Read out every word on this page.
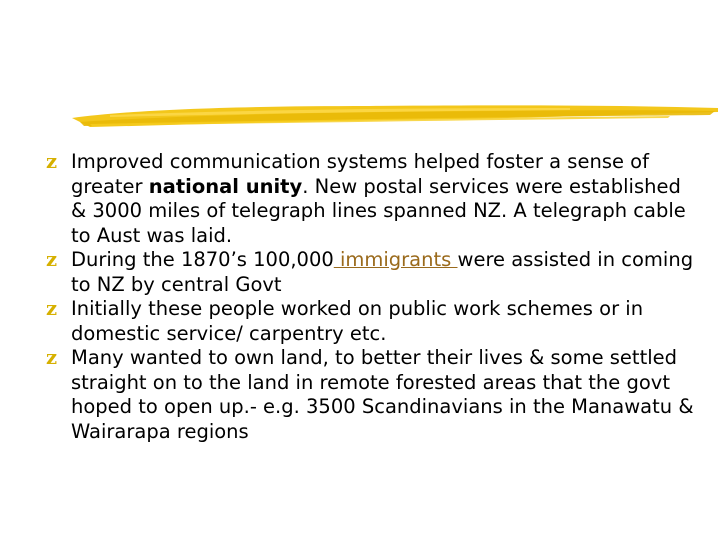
z Improved communication systems helped foster a sense of greater national unity. New postal services were established & 3000 miles of telegraph lines spanned NZ. A telegraph cable to Aust was laid.
z During the 1870’s 100,000 immigrants were assisted in coming to NZ by central Govt
z Initially these people worked on public work schemes or in domestic service/ carpentry etc.
z Many wanted to own land, to better their lives & some settled straight on to the land in remote forested areas that the govt hoped to open up.- e.g. 3500 Scandinavians in the Manawatu & Wairarapa regions
